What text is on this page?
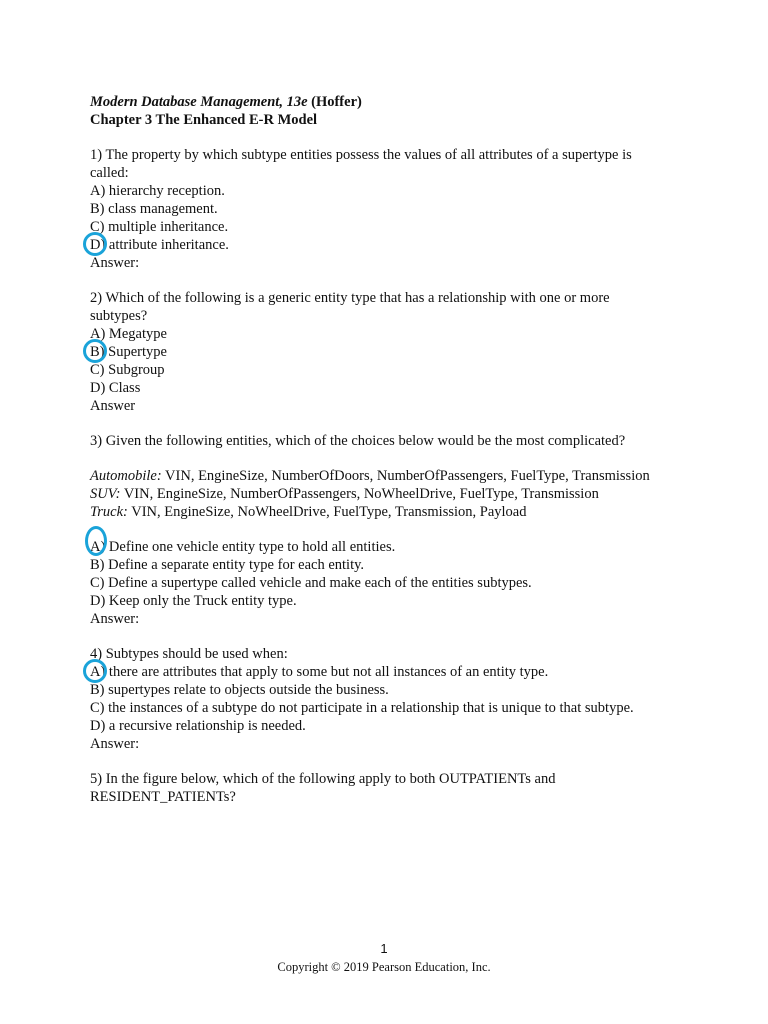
Modern Database Management, 13e (Hoffer)
Chapter 3 The Enhanced E-R Model

1) The property by which subtype entities possess the values of all attributes of a supertype is

called:

A) hierarchy reception.

B) class management.

C) multiple inheritance.

D) attribute inheritance.

Answer:

2) Which of the following is a generic entity type that has a relationship with one or more

subtypes?

A) Megatype

B) Supertype

C) Subgroup

D) Class

Answer

3) Given the following entities, which of the choices below would be the most complicated?

Automobile: VIN, EngineSize, NumberOfDoors, NumberOfPassengers, FuelType, Transmission

SUV: VIN, EngineSize, NumberOfPassengers, NoWheelDrive, FuelType, Transmission

Truck: VIN, EngineSize, NoWheelDrive, FuelType, Transmission, Payload

A) Define one vehicle entity type to hold all entities.

B) Define a separate entity type for each entity.

C) Define a supertype called vehicle and make each of the entities subtypes.

D) Keep only the Truck entity type.

Answer:

4) Subtypes should be used when:

A) there are attributes that apply to some but not all instances of an entity type.

B) supertypes relate to objects outside the business.

C) the instances of a subtype do not participate in a relationship that is unique to that subtype.

D) a recursive relationship is needed.

Answer:

5) In the figure below, which of the following apply to both OUTPATIENTs and

RESIDENT_PATIENTs?

1
Copyright © 2019 Pearson Education, Inc.
